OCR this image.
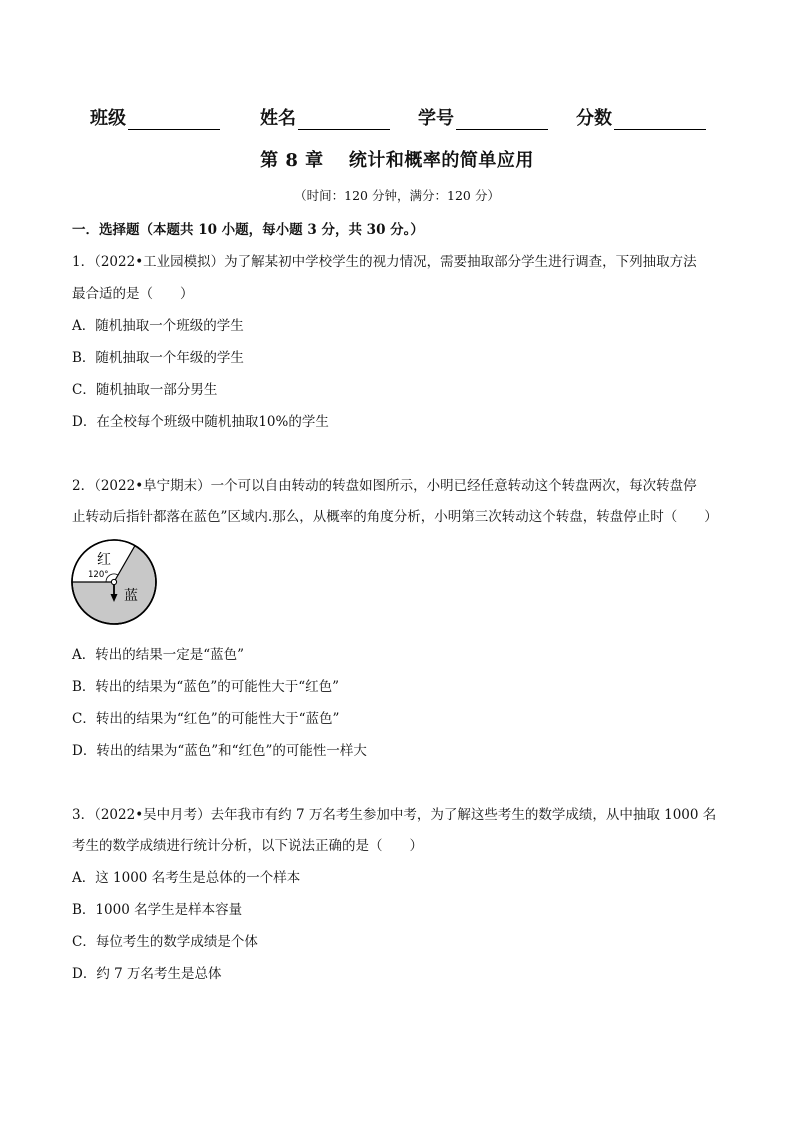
班级	姓名	学号	分数
第 8 章　 统计和概率的简单应用
（时间：120 分钟，满分：120 分）
一．选择题（本题共 10 小题，每小题 3 分，共 30 分。）
1．（2022•工业园模拟）为了解某初中学校学生的视力情况，需要抽取部分学生进行调查，下列抽取方法
最合适的是（　　）
A．随机抽取一个班级的学生
B．随机抽取一个年级的学生
C．随机抽取一部分男生
D．在全校每个班级中随机抽取10%的学生
2．（2022•阜宁期末）一个可以自由转动的转盘如图所示，小明已经任意转动这个转盘两次，每次转盘停
止转动后指针都落在蓝色”区域内.那么，从概率的角度分析，小明第三次转动这个转盘，转盘停止时（　　）
红
120°
蓝
A．转出的结果一定是“蓝色”
B．转出的结果为“蓝色”的可能性大于“红色”
C．转出的结果为“红色”的可能性大于“蓝色”
D．转出的结果为“蓝色”和“红色”的可能性一样大
3．（2022•吴中月考）去年我市有约 7 万名考生参加中考，为了解这些考生的数学成绩，从中抽取 1000 名
考生的数学成绩进行统计分析，以下说法正确的是（　　）
A．这 1000 名考生是总体的一个样本
B．1000 名学生是样本容量
C．每位考生的数学成绩是个体
D．约 7 万名考生是总体
